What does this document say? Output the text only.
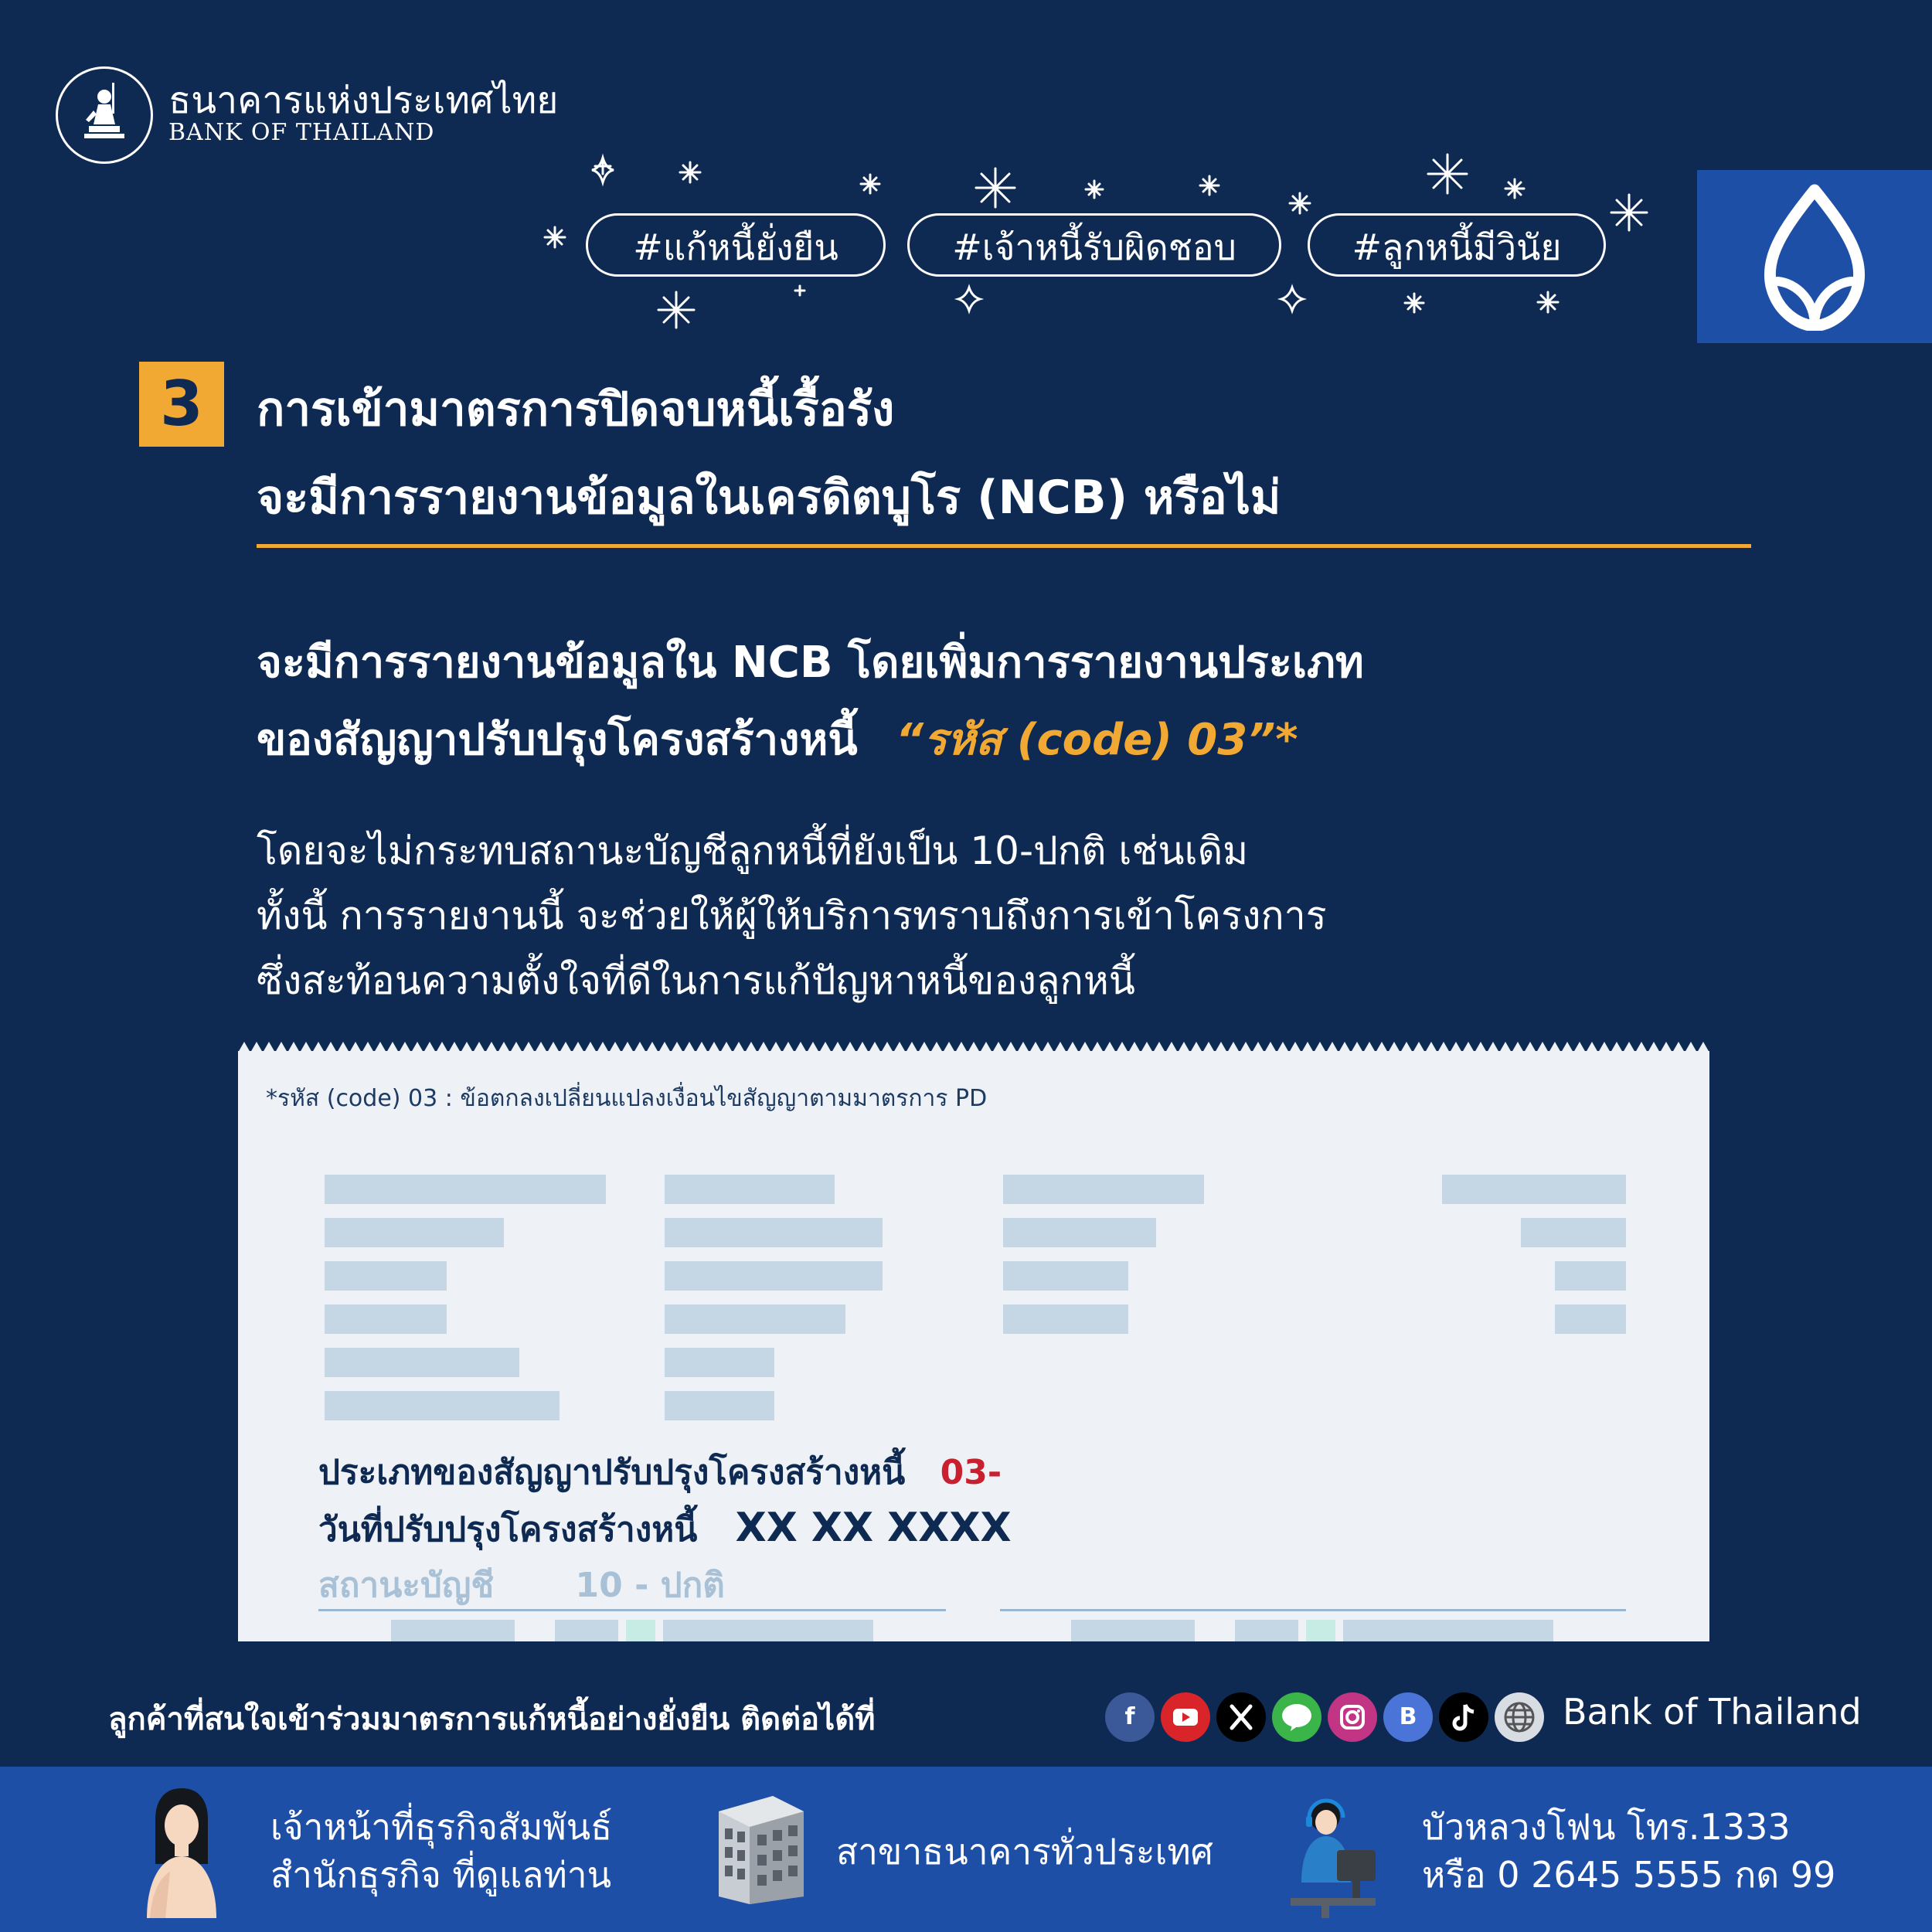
ธนาคารแห่งประเทศไทย
BANK OF THAILAND
#แก้หนี้ยั่งยืน	#เจ้าหนี้รับผิดชอบ	#ลูกหนี้มีวินัย
3	การเข้ามาตรการปิดจบหนี้เรื้อรัง
จะมีการรายงานข้อมูลในเครดิตบูโร (NCB) หรือไม่
จะมีการรายงานข้อมูลใน NCB โดยเพิ่มการรายงานประเภท
ของสัญญาปรับปรุงโครงสร้างหนี้ “รหัส (code) 03”*
โดยจะไม่กระทบสถานะบัญชีลูกหนี้ที่ยังเป็น 10-ปกติ เช่นเดิม
ทั้งนี้ การรายงานนี้ จะช่วยให้ผู้ให้บริการทราบถึงการเข้าโครงการ
ซึ่งสะท้อนความตั้งใจที่ดีในการแก้ปัญหาหนี้ของลูกหนี้
*รหัส (code) 03 : ข้อตกลงเปลี่ยนแปลงเงื่อนไขสัญญาตามมาตรการ PD
ประเภทของสัญญาปรับปรุงโครงสร้างหนี้ 03-
วันที่ปรับปรุงโครงสร้างหนี้ XX XX XXXX
สถานะบัญชี 10 - ปกติ
ลูกค้าที่สนใจเข้าร่วมมาตรการแก้หนี้อย่างยั่งยืน ติดต่อได้ที่	f	B	Bank of Thailand
เจ้าหน้าที่ธุรกิจสัมพันธ์
สำนักธุรกิจ ที่ดูแลท่าน
สาขาธนาคารทั่วประเทศ
บัวหลวงโฟน โทร.1333
หรือ 0 2645 5555 กด 99
